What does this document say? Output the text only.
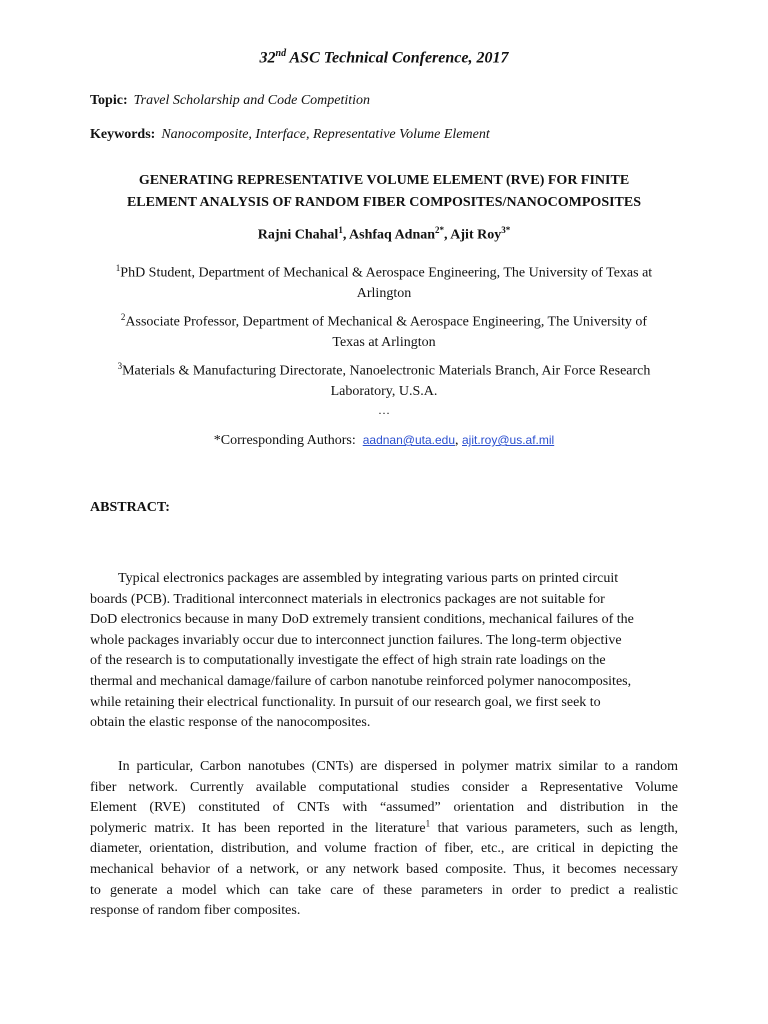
32nd ASC Technical Conference, 2017
Topic: Travel Scholarship and Code Competition
Keywords: Nanocomposite, Interface, Representative Volume Element
GENERATING REPRESENTATIVE VOLUME ELEMENT (RVE) FOR FINITE
ELEMENT ANALYSIS OF RANDOM FIBER COMPOSITES/NANOCOMPOSITES
Rajni Chahal$^1$, Ashfaq Adnan$^{2*}$, Ajit Roy$^{3*}$
$^1$PhD Student, Department of Mechanical & Aerospace Engineering, The University of Texas at
Arlington
$^2$Associate Professor, Department of Mechanical & Aerospace Engineering, The University of
Texas at Arlington
$^3$Materials & Manufacturing Directorate, Nanoelectronic Materials Branch, Air Force Research
Laboratory, U.S.A.
…
*Corresponding Authors: aadnan@uta.edu, ajit.roy@us.af.mil
ABSTRACT:
Typical electronics packages are assembled by integrating various parts on printed circuit
boards (PCB). Traditional interconnect materials in electronics packages are not suitable for
DoD electronics because in many DoD extremely transient conditions, mechanical failures of the
whole packages invariably occur due to interconnect junction failures. The long-term objective
of the research is to computationally investigate the effect of high strain rate loadings on the
thermal and mechanical damage/failure of carbon nanotube reinforced polymer nanocomposites,
while retaining their electrical functionality. In pursuit of our research goal, we first seek to
obtain the elastic response of the nanocomposites.
In particular, Carbon nanotubes (CNTs) are dispersed in polymer matrix similar to a random
fiber network. Currently available computational studies consider a Representative Volume
Element (RVE) constituted of CNTs with “assumed” orientation and distribution in the
polymeric matrix. It has been reported in the literature$^1$ that various parameters, such as length,
diameter, orientation, distribution, and volume fraction of fiber, etc., are critical in depicting the
mechanical behavior of a network, or any network based composite. Thus, it becomes necessary
to generate a model which can take care of these parameters in order to predict a realistic
response of random fiber composites.
